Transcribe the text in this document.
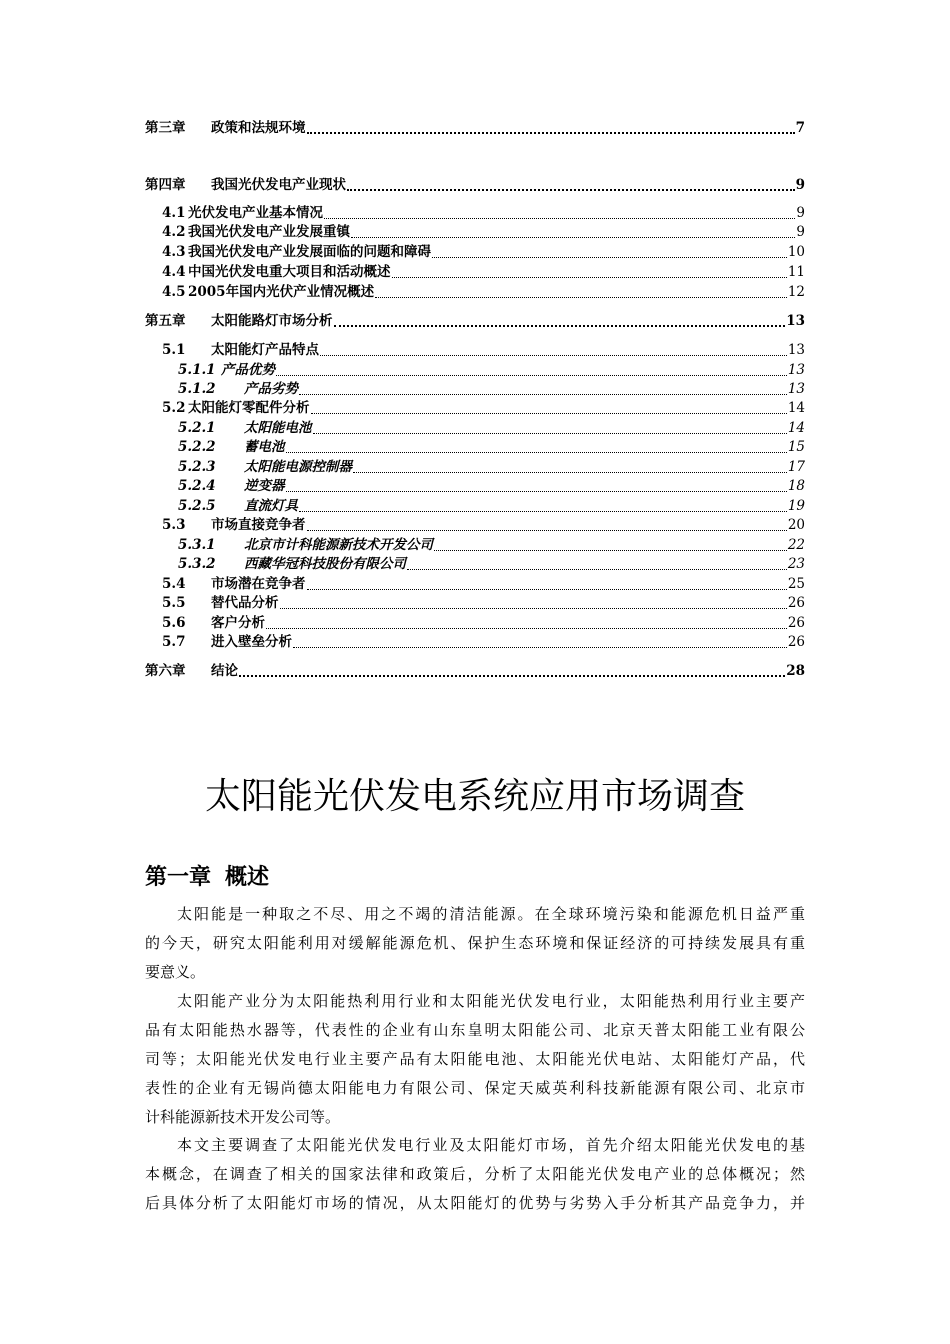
第三章	政策和法规环境	7
第四章	我国光伏发电产业现状	9
4.1 光伏发电产业基本情况	9
4.2 我国光伏发电产业发展重镇	9
4.3 我国光伏发电产业发展面临的问题和障碍	10
4.4 中国光伏发电重大项目和活动概述	11
4.5 2005年国内光伏产业情况概述	12
第五章	太阳能路灯市场分析	13
5.1	太阳能灯产品特点	13
5.1.1 产品优势	13
5.1.2	产品劣势	13
5.2 太阳能灯零配件分析	14
5.2.1	太阳能电池	14
5.2.2	蓄电池	15
5.2.3	太阳能电源控制器	17
5.2.4	逆变器	18
5.2.5	直流灯具	19
5.3	市场直接竞争者	20
5.3.1	北京市计科能源新技术开发公司	22
5.3.2	西藏华冠科技股份有限公司	23
5.4	市场潜在竞争者	25
5.5	替代品分析	26
5.6	客户分析	26
5.7	进入壁垒分析	26
第六章	结论	28
太阳能光伏发电系统应用市场调查
第一章 概述
太阳能是一种取之不尽、用之不竭的清洁能源。在全球环境污染和能源危机日益严重
的今天，研究太阳能利用对缓解能源危机、保护生态环境和保证经济的可持续发展具有重
要意义。
太阳能产业分为太阳能热利用行业和太阳能光伏发电行业，太阳能热利用行业主要产
品有太阳能热水器等，代表性的企业有山东皇明太阳能公司、北京天普太阳能工业有限公
司等；太阳能光伏发电行业主要产品有太阳能电池、太阳能光伏电站、太阳能灯产品，代
表性的企业有无锡尚德太阳能电力有限公司、保定天威英利科技新能源有限公司、北京市
计科能源新技术开发公司等。
本文主要调查了太阳能光伏发电行业及太阳能灯市场，首先介绍太阳能光伏发电的基
本概念，在调查了相关的国家法律和政策后，分析了太阳能光伏发电产业的总体概况；然
后具体分析了太阳能灯市场的情况，从太阳能灯的优势与劣势入手分析其产品竞争力，并
